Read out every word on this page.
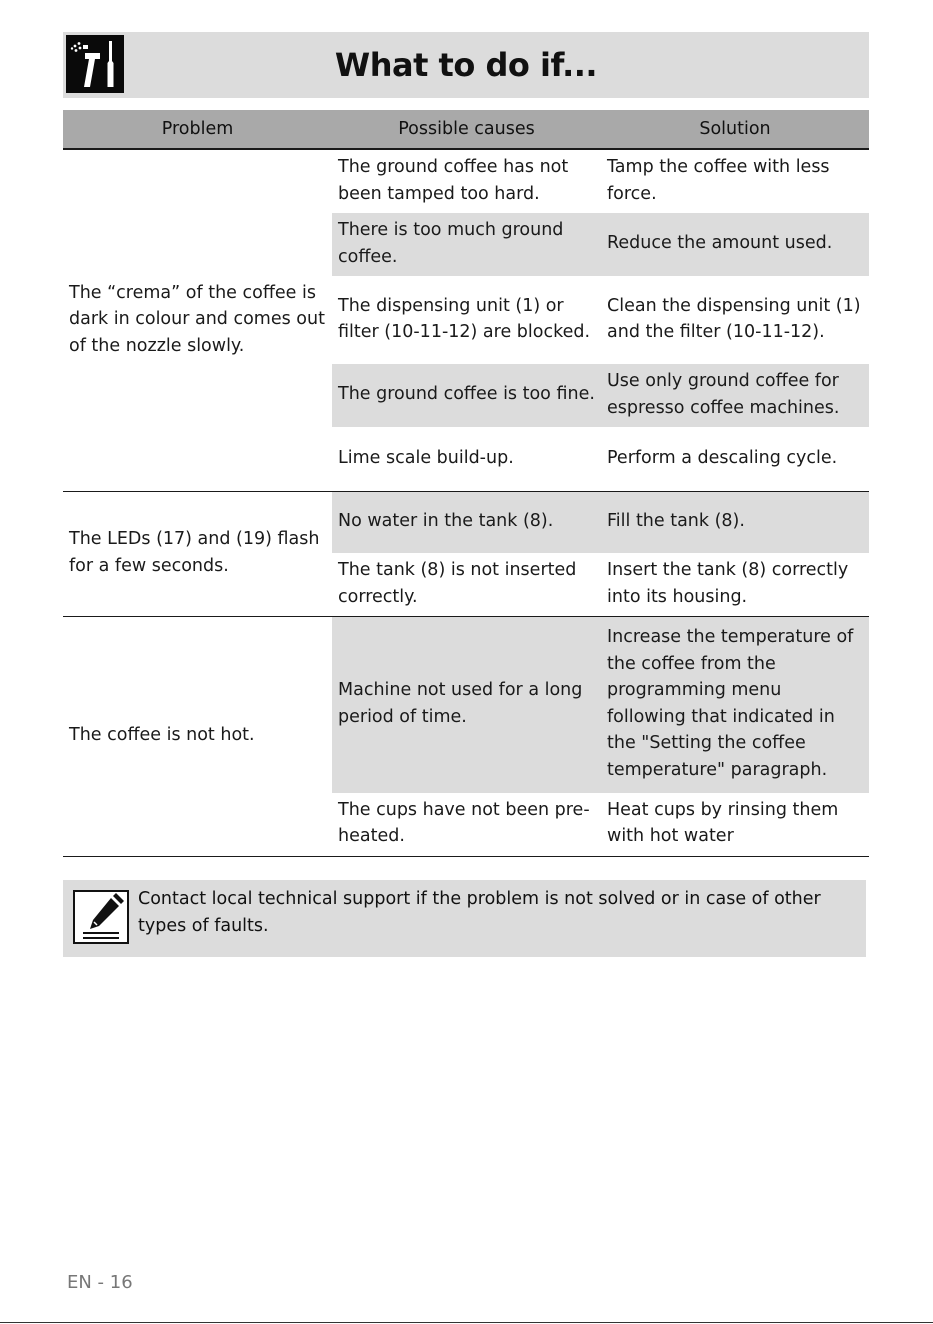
What to do if...
Problem	Possible causes	Solution
The “crema” of the coffee is dark in colour and comes out of the nozzle slowly.	The ground coffee has not been tamped too hard.	Tamp the coffee with less force.
	There is too much ground coffee.	Reduce the amount used.
	The dispensing unit (1) or filter (10-11-12) are blocked.	Clean the dispensing unit (1) and the filter (10-11-12).
	The ground coffee is too fine.	Use only ground coffee for espresso coffee machines.
	Lime scale build-up.	Perform a descaling cycle.
The LEDs (17) and (19) flash for a few seconds.	No water in the tank (8).	Fill the tank (8).
	The tank (8) is not inserted correctly.	Insert the tank (8) correctly into its housing.
The coffee is not hot.	Machine not used for a long period of time.	Increase the temperature of the coffee from the programming menu following that indicated in the "Setting the coffee temperature" paragraph.
	The cups have not been pre-heated.	Heat cups by rinsing them with hot water
Contact local technical support if the problem is not solved or in case of other types of faults.
EN - 16
